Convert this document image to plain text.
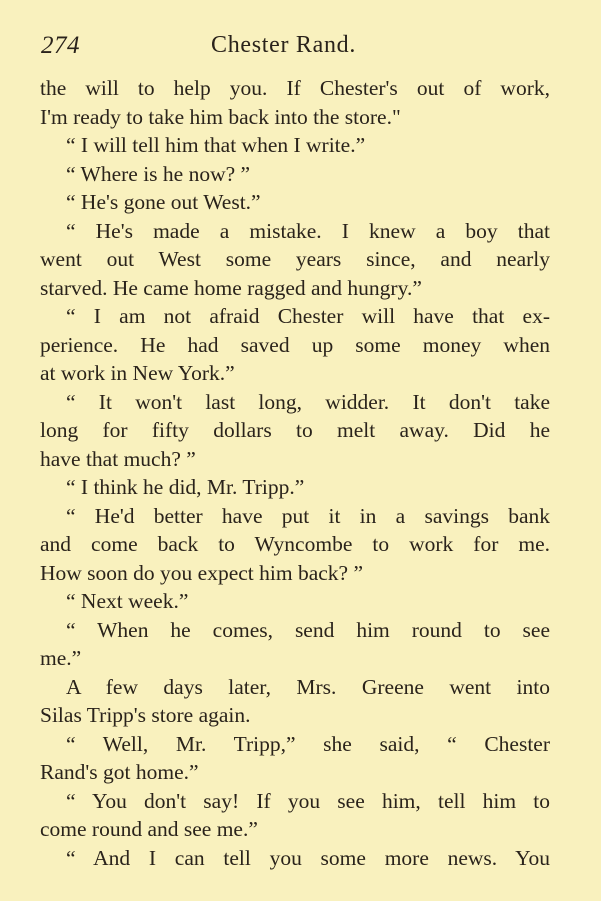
274	Chester Rand.
the will to help you. If Chester's out of work,
I'm ready to take him back into the store."
“ I will tell him that when I write.”
“ Where is he now? ”
“ He's gone out West.”
“ He's made a mistake. I knew a boy that
went out West some years since, and nearly
starved. He came home ragged and hungry.”
“ I am not afraid Chester will have that ex-
perience. He had saved up some money when
at work in New York.”
“ It won't last long, widder. It don't take
long for fifty dollars to melt away. Did he
have that much? ”
“ I think he did, Mr. Tripp.”
“ He'd better have put it in a savings bank
and come back to Wyncombe to work for me.
How soon do you expect him back? ”
“ Next week.”
“ When he comes, send him round to see
me.”
A few days later, Mrs. Greene went into
Silas Tripp's store again.
“ Well, Mr. Tripp,” she said, “ Chester
Rand's got home.”
“ You don't say! If you see him, tell him to
come round and see me.”
“ And I can tell you some more news. You
